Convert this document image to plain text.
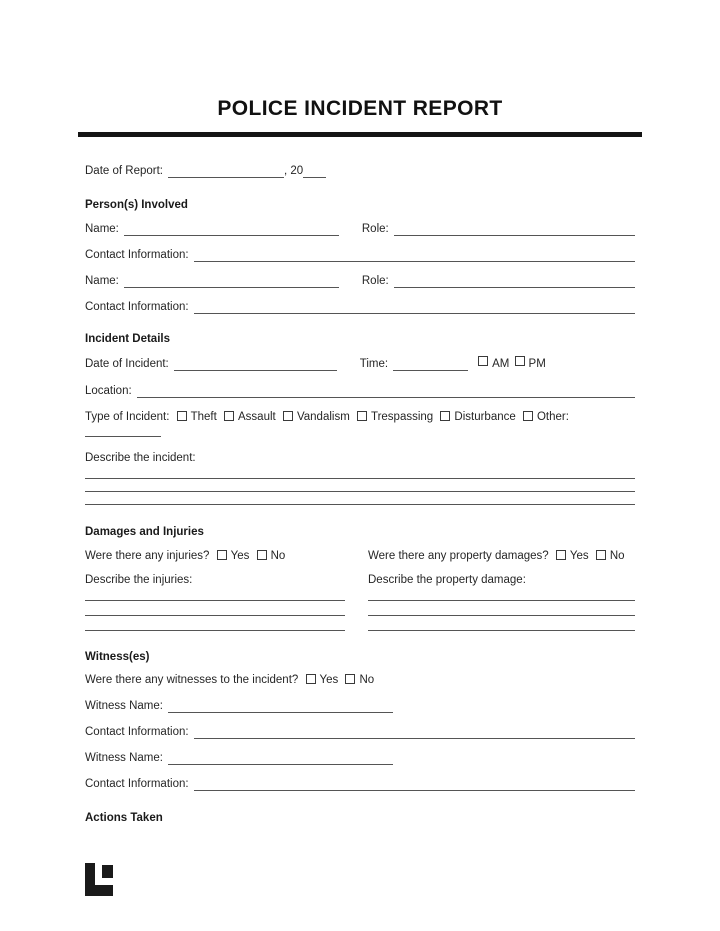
POLICE INCIDENT REPORT
Date of Report:	, 20
Person(s) Involved
Name:	Role:
Contact Information:
Name:	Role:
Contact Information:
Incident Details
Date of Incident:	Time:	AM PM
Location:
Type of Incident: Theft Assault Vandalism Trespassing Disturbance Other:
Describe the incident:
Damages and Injuries
Were there any injuries? Yes No
Describe the injuries:
Were there any property damages? Yes No
Describe the property damage:
Witness(es)
Were there any witnesses to the incident? Yes No
Witness Name:
Contact Information:
Witness Name:
Contact Information:
Actions Taken
